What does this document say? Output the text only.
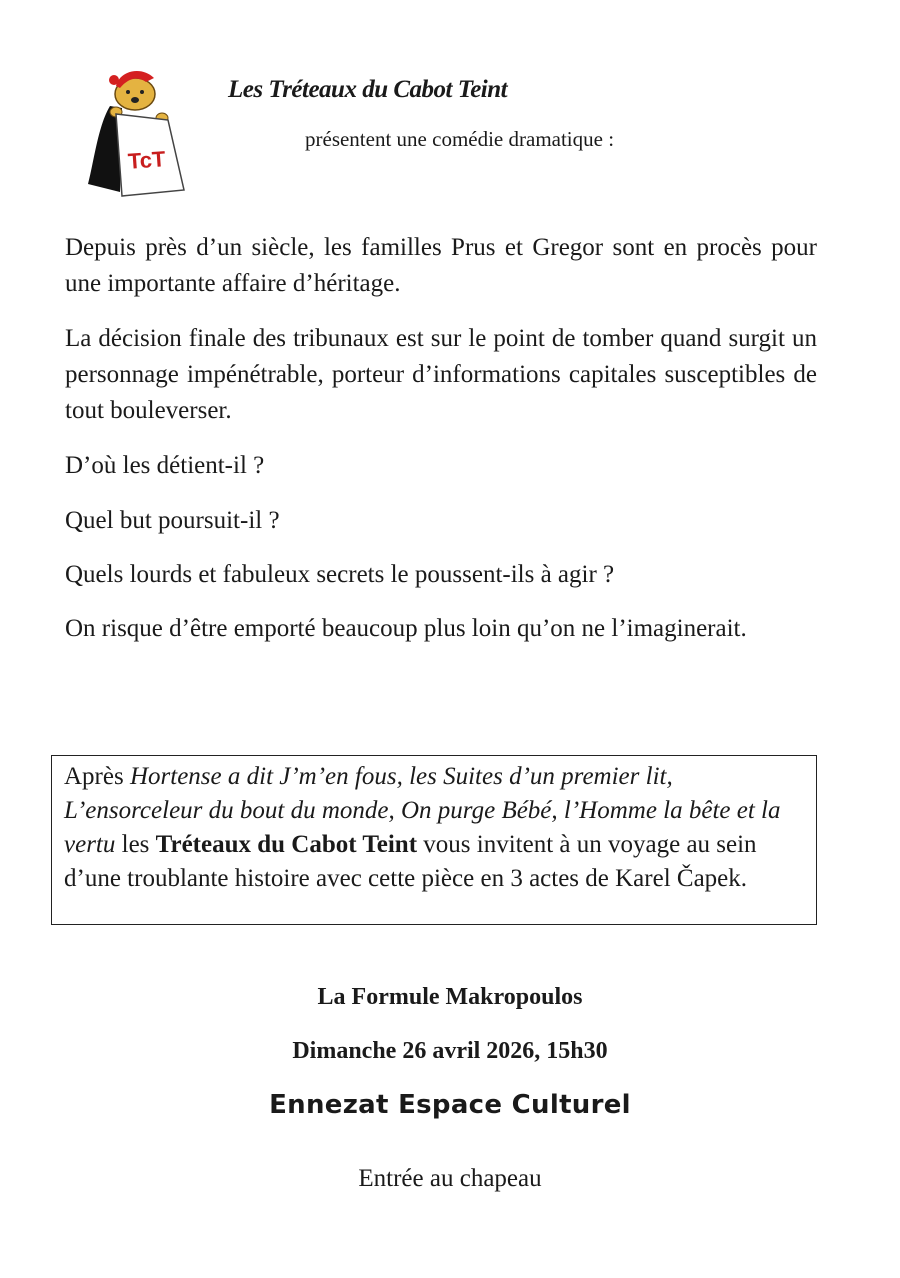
TcT
Les Tréteaux du Cabot Teint
présentent une comédie dramatique :

Depuis près d’un siècle, les familles Prus et Gregor sont en procès pour une importante affaire d’héritage.

La décision finale des tribunaux est sur le point de tomber quand surgit un personnage impénétrable, porteur d’informations capitales susceptibles de tout bouleverser.

D’où les détient-il ?

Quel but poursuit-il ?

Quels lourds et fabuleux secrets le poussent-ils à agir ?

On risque d’être emporté beaucoup plus loin qu’on ne l’imaginerait.

Après Hortense a dit J’m’en fous, les Suites d’un premier lit, L’ensorceleur du bout du monde, On purge Bébé, l’Homme la bête et la vertu les Tréteaux du Cabot Teint vous invitent à un voyage au sein d’une troublante histoire avec cette pièce en 3 actes de Karel Čapek.

La Formule Makropoulos

Dimanche 26 avril 2026, 15h30

Ennezat Espace Culturel

Entrée au chapeau
